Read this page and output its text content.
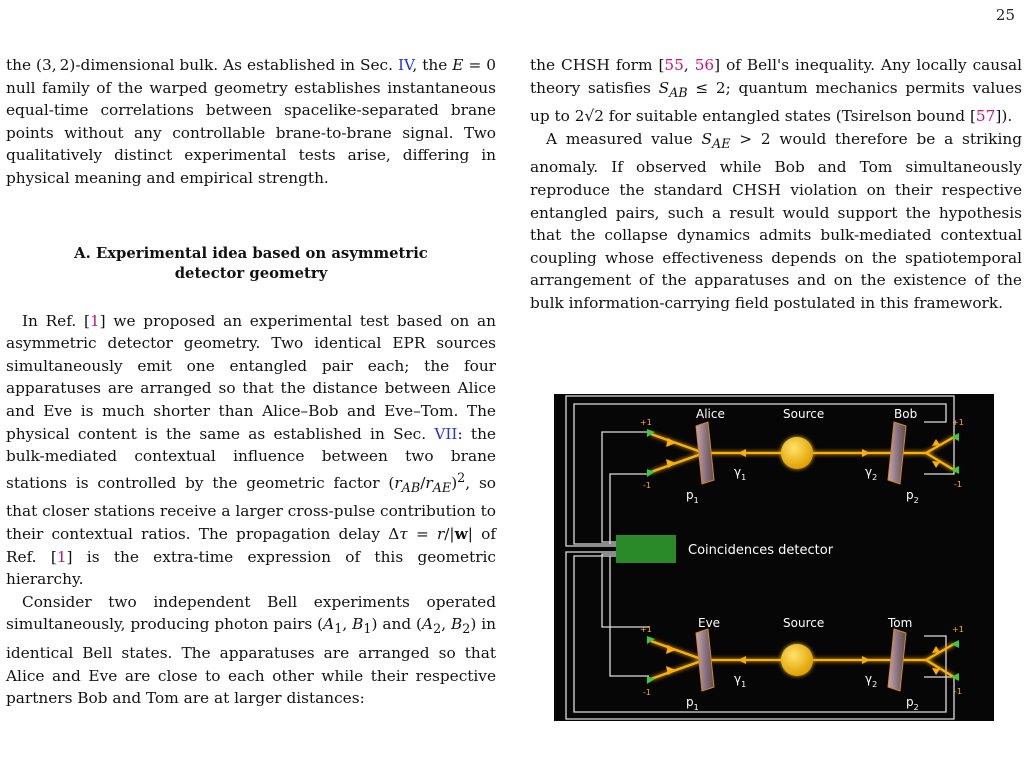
25

the (3, 2)-dimensional bulk. As established in Sec. IV, the E = 0 null family of the warped geometry establishes instantaneous equal-time correlations between spacelike-separated brane points without any controllable brane-to-brane signal. Two qualitatively distinct experimental tests arise, differing in physical meaning and empirical strength.

A. Experimental idea based on asymmetric detector geometry

In Ref. [1] we proposed an experimental test based on an asymmetric detector geometry. Two identical EPR sources simultaneously emit one entangled pair each; the four apparatuses are arranged so that the distance between Alice and Eve is much shorter than Alice–Bob and Eve–Tom. The physical content is the same as established in Sec. VII: the bulk-mediated contextual influence between two brane stations is controlled by the geometric factor $(r_{AB}/r_{AE})^2$, so that closer stations receive a larger cross-pulse contribution to their contextual ratios. The propagation delay Δτ = r/|w| of Ref. [1] is the extra-time expression of this geometric hierarchy.

Consider two independent Bell experiments operated simultaneously, producing photon pairs ($A_1$, $B_1$) and ($A_2$, $B_2$) in identical Bell states. The apparatuses are arranged so that Alice and Eve are close to each other while their respective partners Bob and Tom are at larger distances:

the CHSH form [55, 56] of Bell's inequality. Any locally causal theory satisfies $S_{AB} \le 2$; quantum mechanics permits values up to 2√2 for suitable entangled states (Tsirelson bound [57]).

A measured value $S_{AE} > 2$ would therefore be a striking anomaly. If observed while Bob and Tom simultaneously reproduce the standard CHSH violation on their respective entangled pairs, such a result would support the hypothesis that the collapse dynamics admits bulk-mediated contextual coupling whose effectiveness depends on the spatiotemporal arrangement of the apparatuses and on the existence of the bulk information-carrying field postulated in this framework.

Coincidences detector
Alice	Source	Bob
$\gamma_1$	$\gamma_2$
$p_1$	$p_2$
+1
-1
+1
-1
Eve	Source	Tom
$\gamma_1$	$\gamma_2$
$p_1$	$p_2$
+1
-1
+1
-1
